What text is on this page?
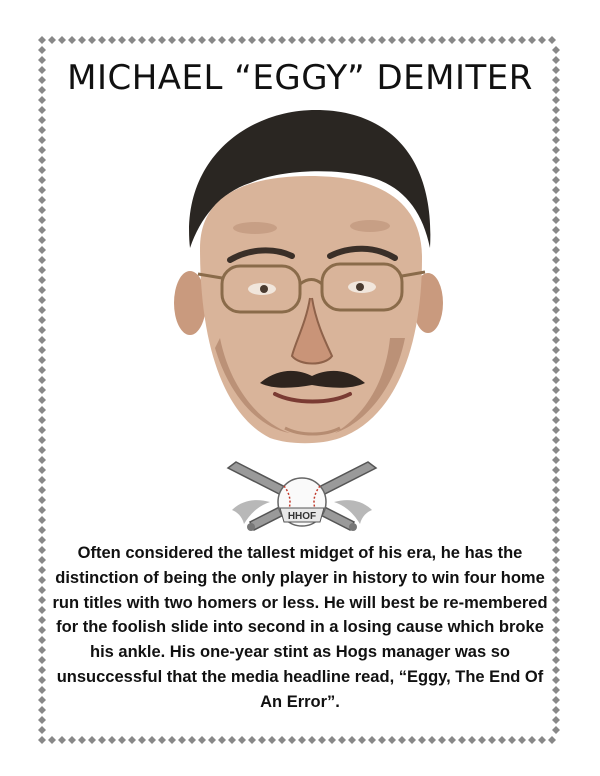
MICHAEL “EGGY” DEMITER
HHOF

Often considered the tallest midget of his era, he has the distinction of being the only player in history to win four home run titles with two homers or less. He will best be re-membered for the foolish slide into second in a losing cause which broke his ankle. His one-year stint as Hogs manager was so unsuccessful that the media headline read, “Eggy, The End Of An Error”.
